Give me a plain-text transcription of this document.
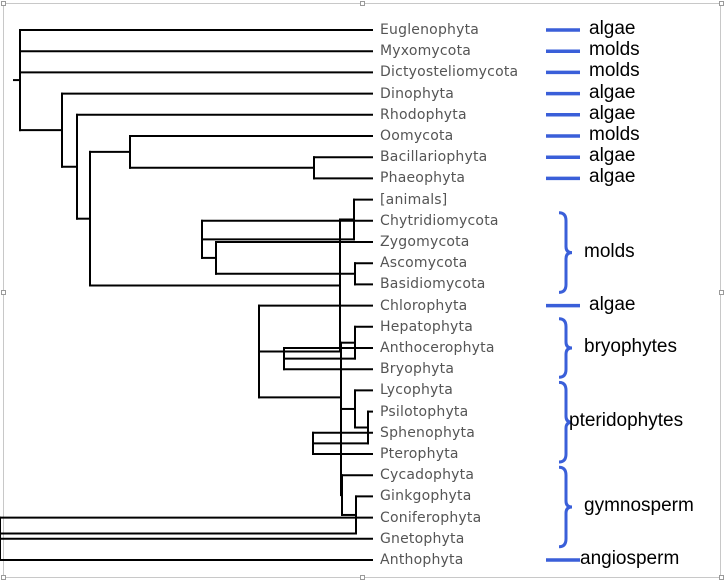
Euglenophyta
Myxomycota
Dictyosteliomycota
Dinophyta
Rhodophyta
Oomycota
Bacillariophyta
Phaeophyta
[animals]
Chytridiomycota
Zygomycota
Ascomycota
Basidiomycota
Chlorophyta
Hepatophyta
Anthocerophyta
Bryophyta
Lycophyta
Psilotophyta
Sphenophyta
Pterophyta
Cycadophyta
Ginkgophyta
Coniferophyta
Gnetophyta
Anthophyta
algae
molds
molds
algae
algae
molds
algae
algae
molds
algae
bryophytes
pteridophytes
gymnosperm
angiosperm
